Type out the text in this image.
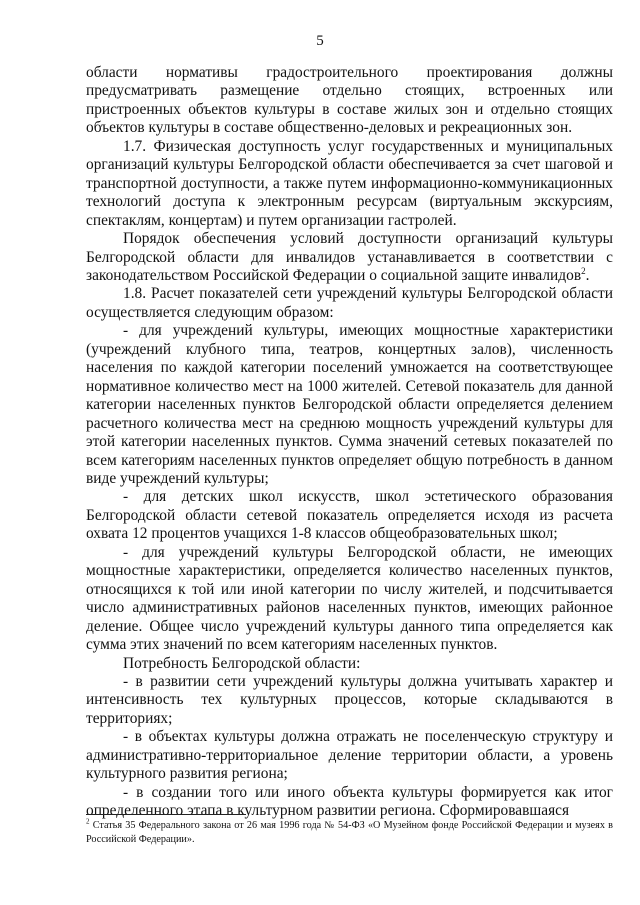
5

области нормативы градостроительного проектирования должны предусматривать размещение отдельно стоящих, встроенных или пристроенных объектов культуры в составе жилых зон и отдельно стоящих объектов культуры в составе общественно-деловых и рекреационных зон.

1.7. Физическая доступность услуг государственных и муниципальных организаций культуры Белгородской области обеспечивается за счет шаговой и транспортной доступности, а также путем информационно-коммуникационных технологий доступа к электронным ресурсам (виртуальным экскурсиям, спектаклям, концертам) и путем организации гастролей.

Порядок обеспечения условий доступности организаций культуры Белгородской области для инвалидов устанавливается в соответствии с законодательством Российской Федерации о социальной защите инвалидов$^2$.

1.8. Расчет показателей сети учреждений культуры Белгородской области осуществляется следующим образом:

- для учреждений культуры, имеющих мощностные характеристики (учреждений клубного типа, театров, концертных залов), численность населения по каждой категории поселений умножается на соответствующее нормативное количество мест на 1000 жителей. Сетевой показатель для данной категории населенных пунктов Белгородской области определяется делением расчетного количества мест на среднюю мощность учреждений культуры для этой категории населенных пунктов. Сумма значений сетевых показателей по всем категориям населенных пунктов определяет общую потребность в данном виде учреждений культуры;

- для детских школ искусств, школ эстетического образования Белгородской области сетевой показатель определяется исходя из расчета охвата 12 процентов учащихся 1-8 классов общеобразовательных школ;

- для учреждений культуры Белгородской области, не имеющих мощностные характеристики, определяется количество населенных пунктов, относящихся к той или иной категории по числу жителей, и подсчитывается число административных районов населенных пунктов, имеющих районное деление. Общее число учреждений культуры данного типа определяется как сумма этих значений по всем категориям населенных пунктов.

Потребность Белгородской области:

- в развитии сети учреждений культуры должна учитывать характер и интенсивность тех культурных процессов, которые складываются в территориях;

- в объектах культуры должна отражать не поселенческую структуру и административно-территориальное деление территории области, а уровень культурного развития региона;

- в создании того или иного объекта культуры формируется как итог определенного этапа в культурном развитии региона. Сформировавшаяся

$^2$ Статья 35 Федерального закона от 26 мая 1996 года № 54-ФЗ «О Музейном фонде Российской Федерации и музеях в Российской Федерации».
